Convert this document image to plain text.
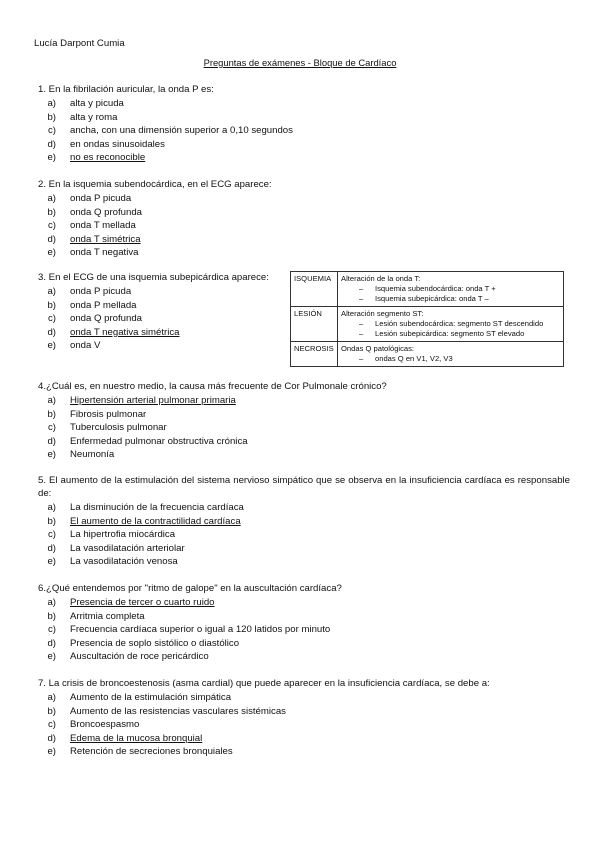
Lucía Darpont Cumia
Preguntas de exámenes - Bloque de Cardíaco

1. En la fibrilación auricular, la onda P es:

a)	alta y picuda
b)	alta y roma
c)	ancha, con una dimensión superior a 0,10 segundos
d)	en ondas sinusoidales
e)	no es reconocible

2. En la isquemia subendocárdica, en el ECG aparece:

a)	onda P picuda
b)	onda Q profunda
c)	onda T mellada
d)	onda T simétrica
e)	onda T negativa

3. En el ECG de una isquemia subepicárdica aparece:

a)	onda P picuda
b)	onda P mellada
c)	onda Q profunda
d)	onda T negativa simétrica
e)	onda V

4.¿Cuál es, en nuestro medio, la causa más frecuente de Cor Pulmonale crónico?

a)	Hipertensión arterial pulmonar primaria
b)	Fibrosis pulmonar
c)	Tuberculosis pulmonar
d)	Enfermedad pulmonar obstructiva crónica
e)	Neumonía

5. El aumento de la estimulación del sistema nervioso simpático que se observa en la insuficiencia cardíaca es responsable de:

a)	La disminución de la frecuencia cardíaca
b)	El aumento de la contractilidad cardíaca
c)	La hipertrofia miocárdica
d)	La vasodilatación arteriolar
e)	La vasodilatación venosa

6.¿Qué entendemos por "ritmo de galope" en la auscultación cardíaca?

a)	Presencia de tercer o cuarto ruido
b)	Arritmia completa
c)	Frecuencia cardíaca superior o igual a 120 latidos por minuto
d)	Presencia de soplo sistólico o diastólico
e)	Auscultación de roce pericárdico

7. La crisis de broncoestenosis (asma cardial) que puede aparecer en la insuficiencia cardíaca, se debe a:

a)	Aumento de la estimulación simpática
b)	Aumento de las resistencias vasculares sistémicas
c)	Broncoespasmo
d)	Edema de la mucosa bronquial
e)	Retención de secreciones bronquiales
ISQUEMIA	Alteración de la onda T:
– Isquemia subendocárdica: onda T +
– Isquemia subepicárdica: onda T –

LESIÓN	Alteración segmento ST:
– Lesión subendocárdica: segmento ST descendido
– Lesión subepicárdica: segmento ST elevado

NECROSIS	Ondas Q patológicas:
– ondas Q en V1, V2, V3
